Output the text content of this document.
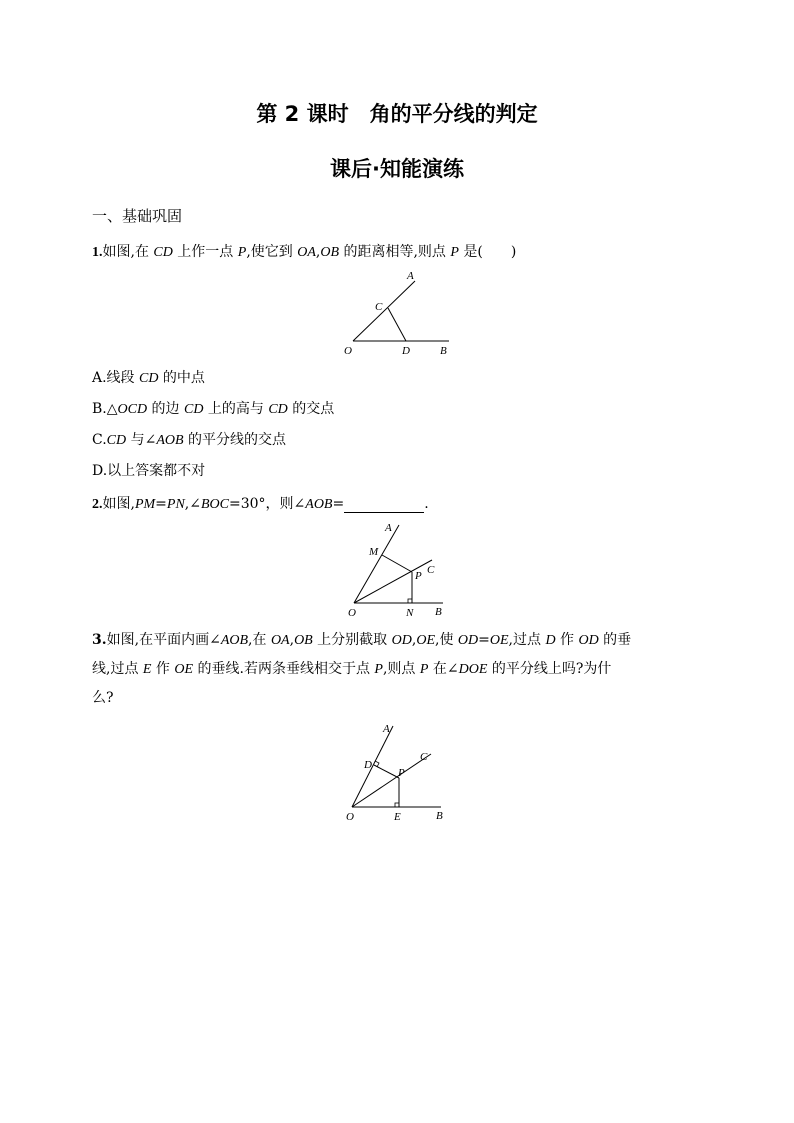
第 2 课时　角的平分线的判定
课后·知能演练
一、基础巩固
1.如图,在 CD 上作一点 P,使它到 OA,OB 的距离相等,则点 P 是(　　)
A
C
O	D	B
A.线段 CD 的中点
B.△OCD 的边 CD 上的高与 CD 的交点
C.CD 与∠AOB 的平分线的交点
D.以上答案都不对
2.如图,PM=PN,∠BOC=30°，则∠AOB=	.
A
M
P C
O	N B
3.如图,在平面内画∠AOB,在 OA,OB 上分别截取 OD,OE,使 OD=OE,过点 D 作 OD 的垂
线,过点 E 作 OE 的垂线.若两条垂线相交于点 P,则点 P 在∠DOE 的平分线上吗?为什
么?
A
D
P
C
O	E	B
